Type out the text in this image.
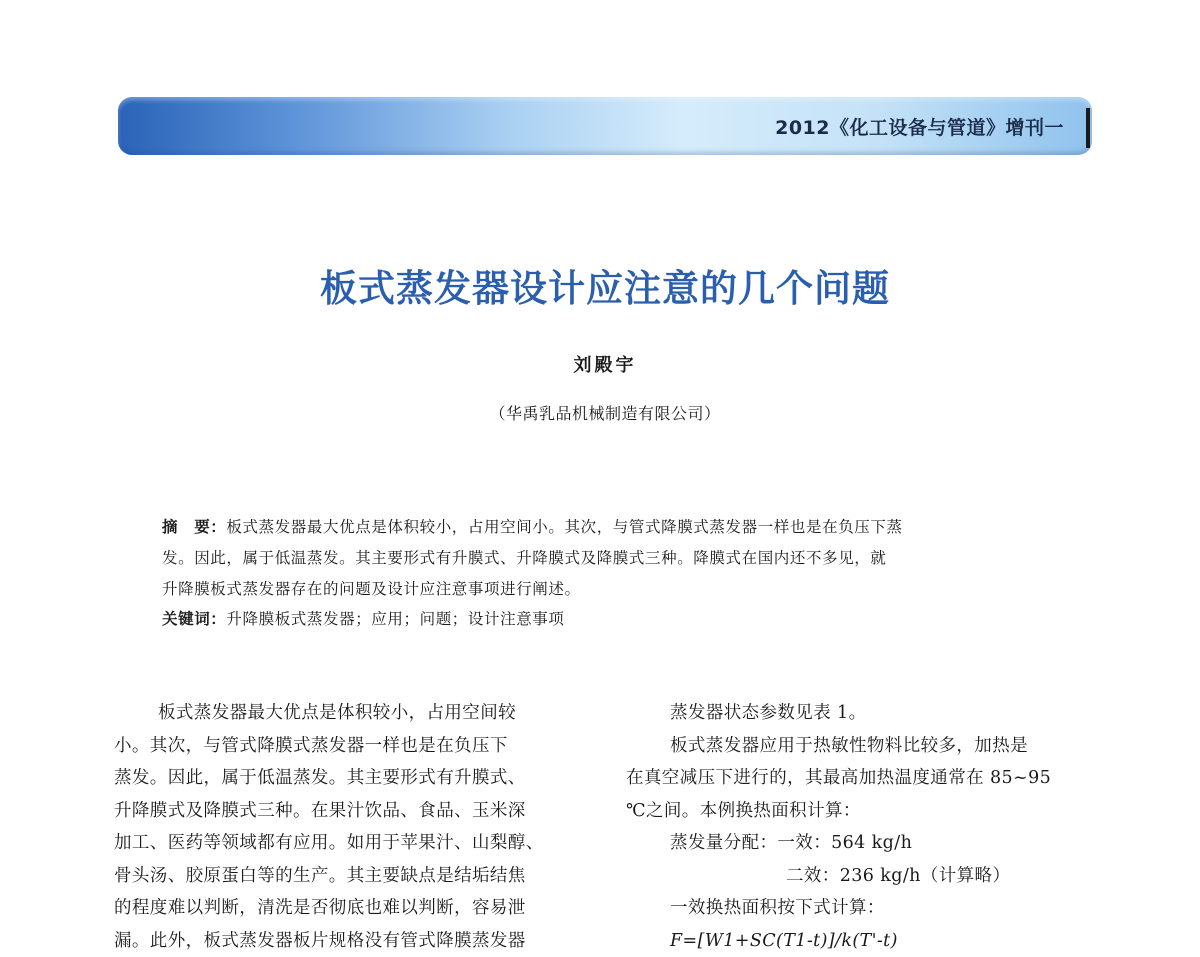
2012《化工设备与管道》增刊一
板式蒸发器设计应注意的几个问题
刘殿宇
（华禹乳品机械制造有限公司）
摘　要：板式蒸发器最大优点是体积较小，占用空间小。其次，与管式降膜式蒸发器一样也是在负压下蒸
发。因此，属于低温蒸发。其主要形式有升膜式、升降膜式及降膜式三种。降膜式在国内还不多见，就
升降膜板式蒸发器存在的问题及设计应注意事项进行阐述。
关键词：升降膜板式蒸发器；应用；问题；设计注意事项
板式蒸发器最大优点是体积较小，占用空间较
小。其次，与管式降膜式蒸发器一样也是在负压下
蒸发。因此，属于低温蒸发。其主要形式有升膜式、
升降膜式及降膜式三种。在果汁饮品、食品、玉米深
加工、医药等领域都有应用。如用于苹果汁、山梨醇、
骨头汤、胶原蛋白等的生产。其主要缺点是结垢结焦
的程度难以判断，清洗是否彻底也难以判断，容易泄
漏。此外，板式蒸发器板片规格没有管式降膜蒸发器
蒸发器状态参数见表 1。
板式蒸发器应用于热敏性物料比较多，加热是
在真空减压下进行的，其最高加热温度通常在 85~95
℃之间。本例换热面积计算：
蒸发量分配：一效：564 kg/h
二效：236 kg/h（计算略）
一效换热面积按下式计算：
F=[W1+SC(T1-t)]/k(T'-t)
